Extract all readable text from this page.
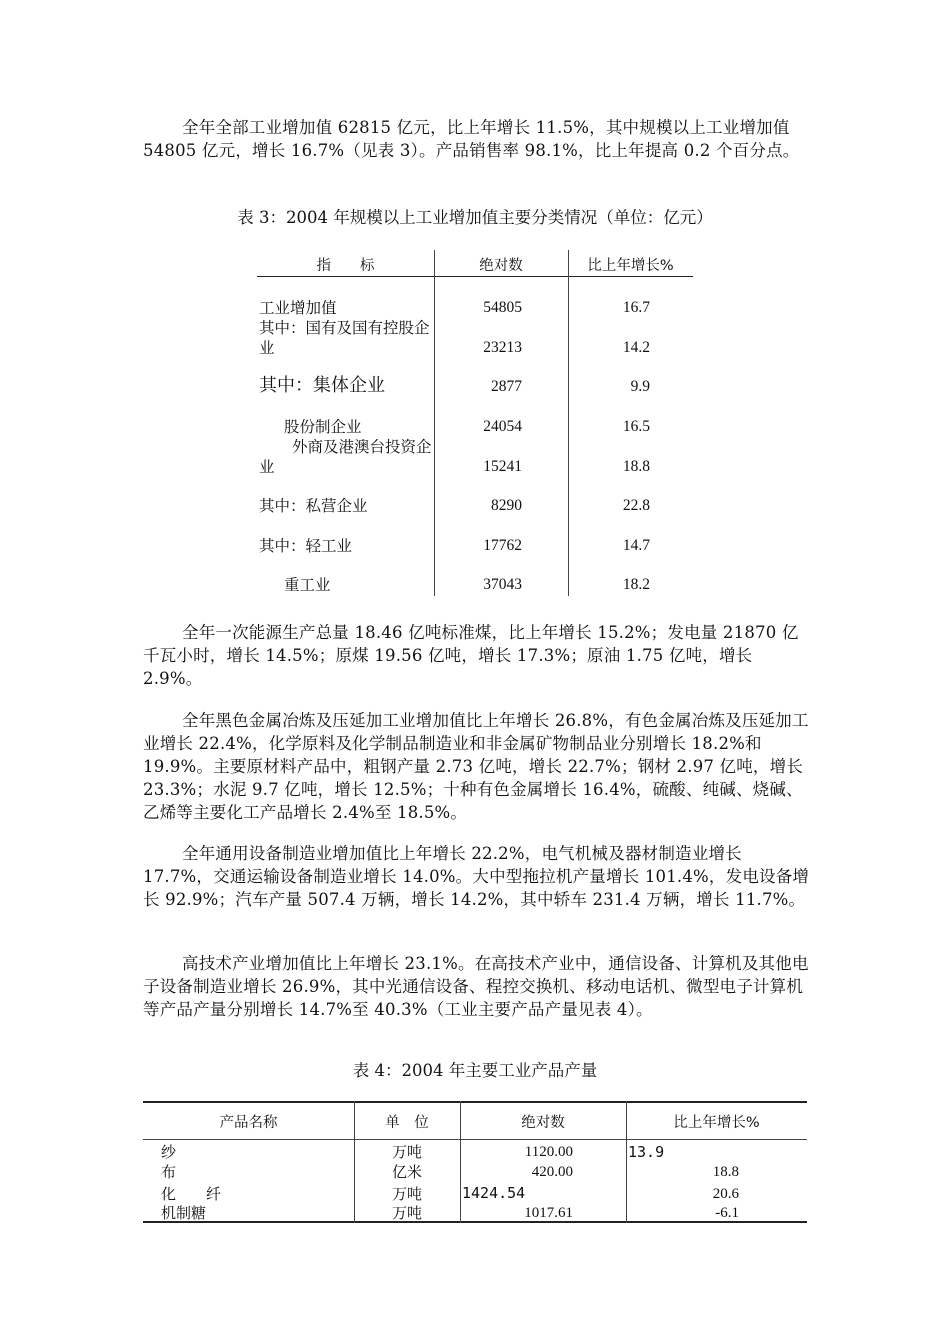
全年全部工业增加值 62815 亿元，比上年增长 11.5%，其中规模以上工业增加值 54805 亿元，增长 16.7%（见表 3）。产品销售率 98.1%，比上年提高 0.2 个百分点。

表 3：2004 年规模以上工业增加值主要分类情况（单位：亿元）

指　　标	绝对数	比上年增长%
工业增加值	54805	16.7
其中：国有及国有控股企业	23213	14.2
其中：集体企业	2877	9.9
股份制企业	24054	16.5
外商及港澳台投资企业	15241	18.8
其中：私营企业	8290	22.8
其中：轻工业	17762	14.7
重工业	37043	18.2

全年一次能源生产总量 18.46 亿吨标准煤，比上年增长 15.2%；发电量 21870 亿千瓦小时，增长 14.5%；原煤 19.56 亿吨，增长 17.3%；原油 1.75 亿吨，增长 2.9%。

全年黑色金属冶炼及压延加工业增加值比上年增长 26.8%，有色金属冶炼及压延加工业增长 22.4%，化学原料及化学制品制造业和非金属矿物制品业分别增长 18.2%和 19.9%。主要原材料产品中，粗钢产量 2.73 亿吨，增长 22.7%；钢材 2.97 亿吨，增长 23.3%；水泥 9.7 亿吨，增长 12.5%；十种有色金属增长 16.4%，硫酸、纯碱、烧碱、乙烯等主要化工产品增长 2.4%至 18.5%。

全年通用设备制造业增加值比上年增长 22.2%，电气机械及器材制造业增长 17.7%，交通运输设备制造业增长 14.0%。大中型拖拉机产量增长 101.4%，发电设备增长 92.9%；汽车产量 507.4 万辆，增长 14.2%，其中轿车 231.4 万辆，增长 11.7%。

高技术产业增加值比上年增长 23.1%。在高技术产业中，通信设备、计算机及其他电子设备制造业增长 26.9%，其中光通信设备、程控交换机、移动电话机、微型电子计算机等产品产量分别增长 14.7%至 40.3%（工业主要产品产量见表 4）。

表 4：2004 年主要工业产品产量

产品名称	单　位	绝对数	比上年增长%
纱	万吨	1120.00	13.9
布	亿米	420.00	18.8
化　　纤	万吨	1424.54	20.6
机制糖	万吨	1017.61	-6.1
